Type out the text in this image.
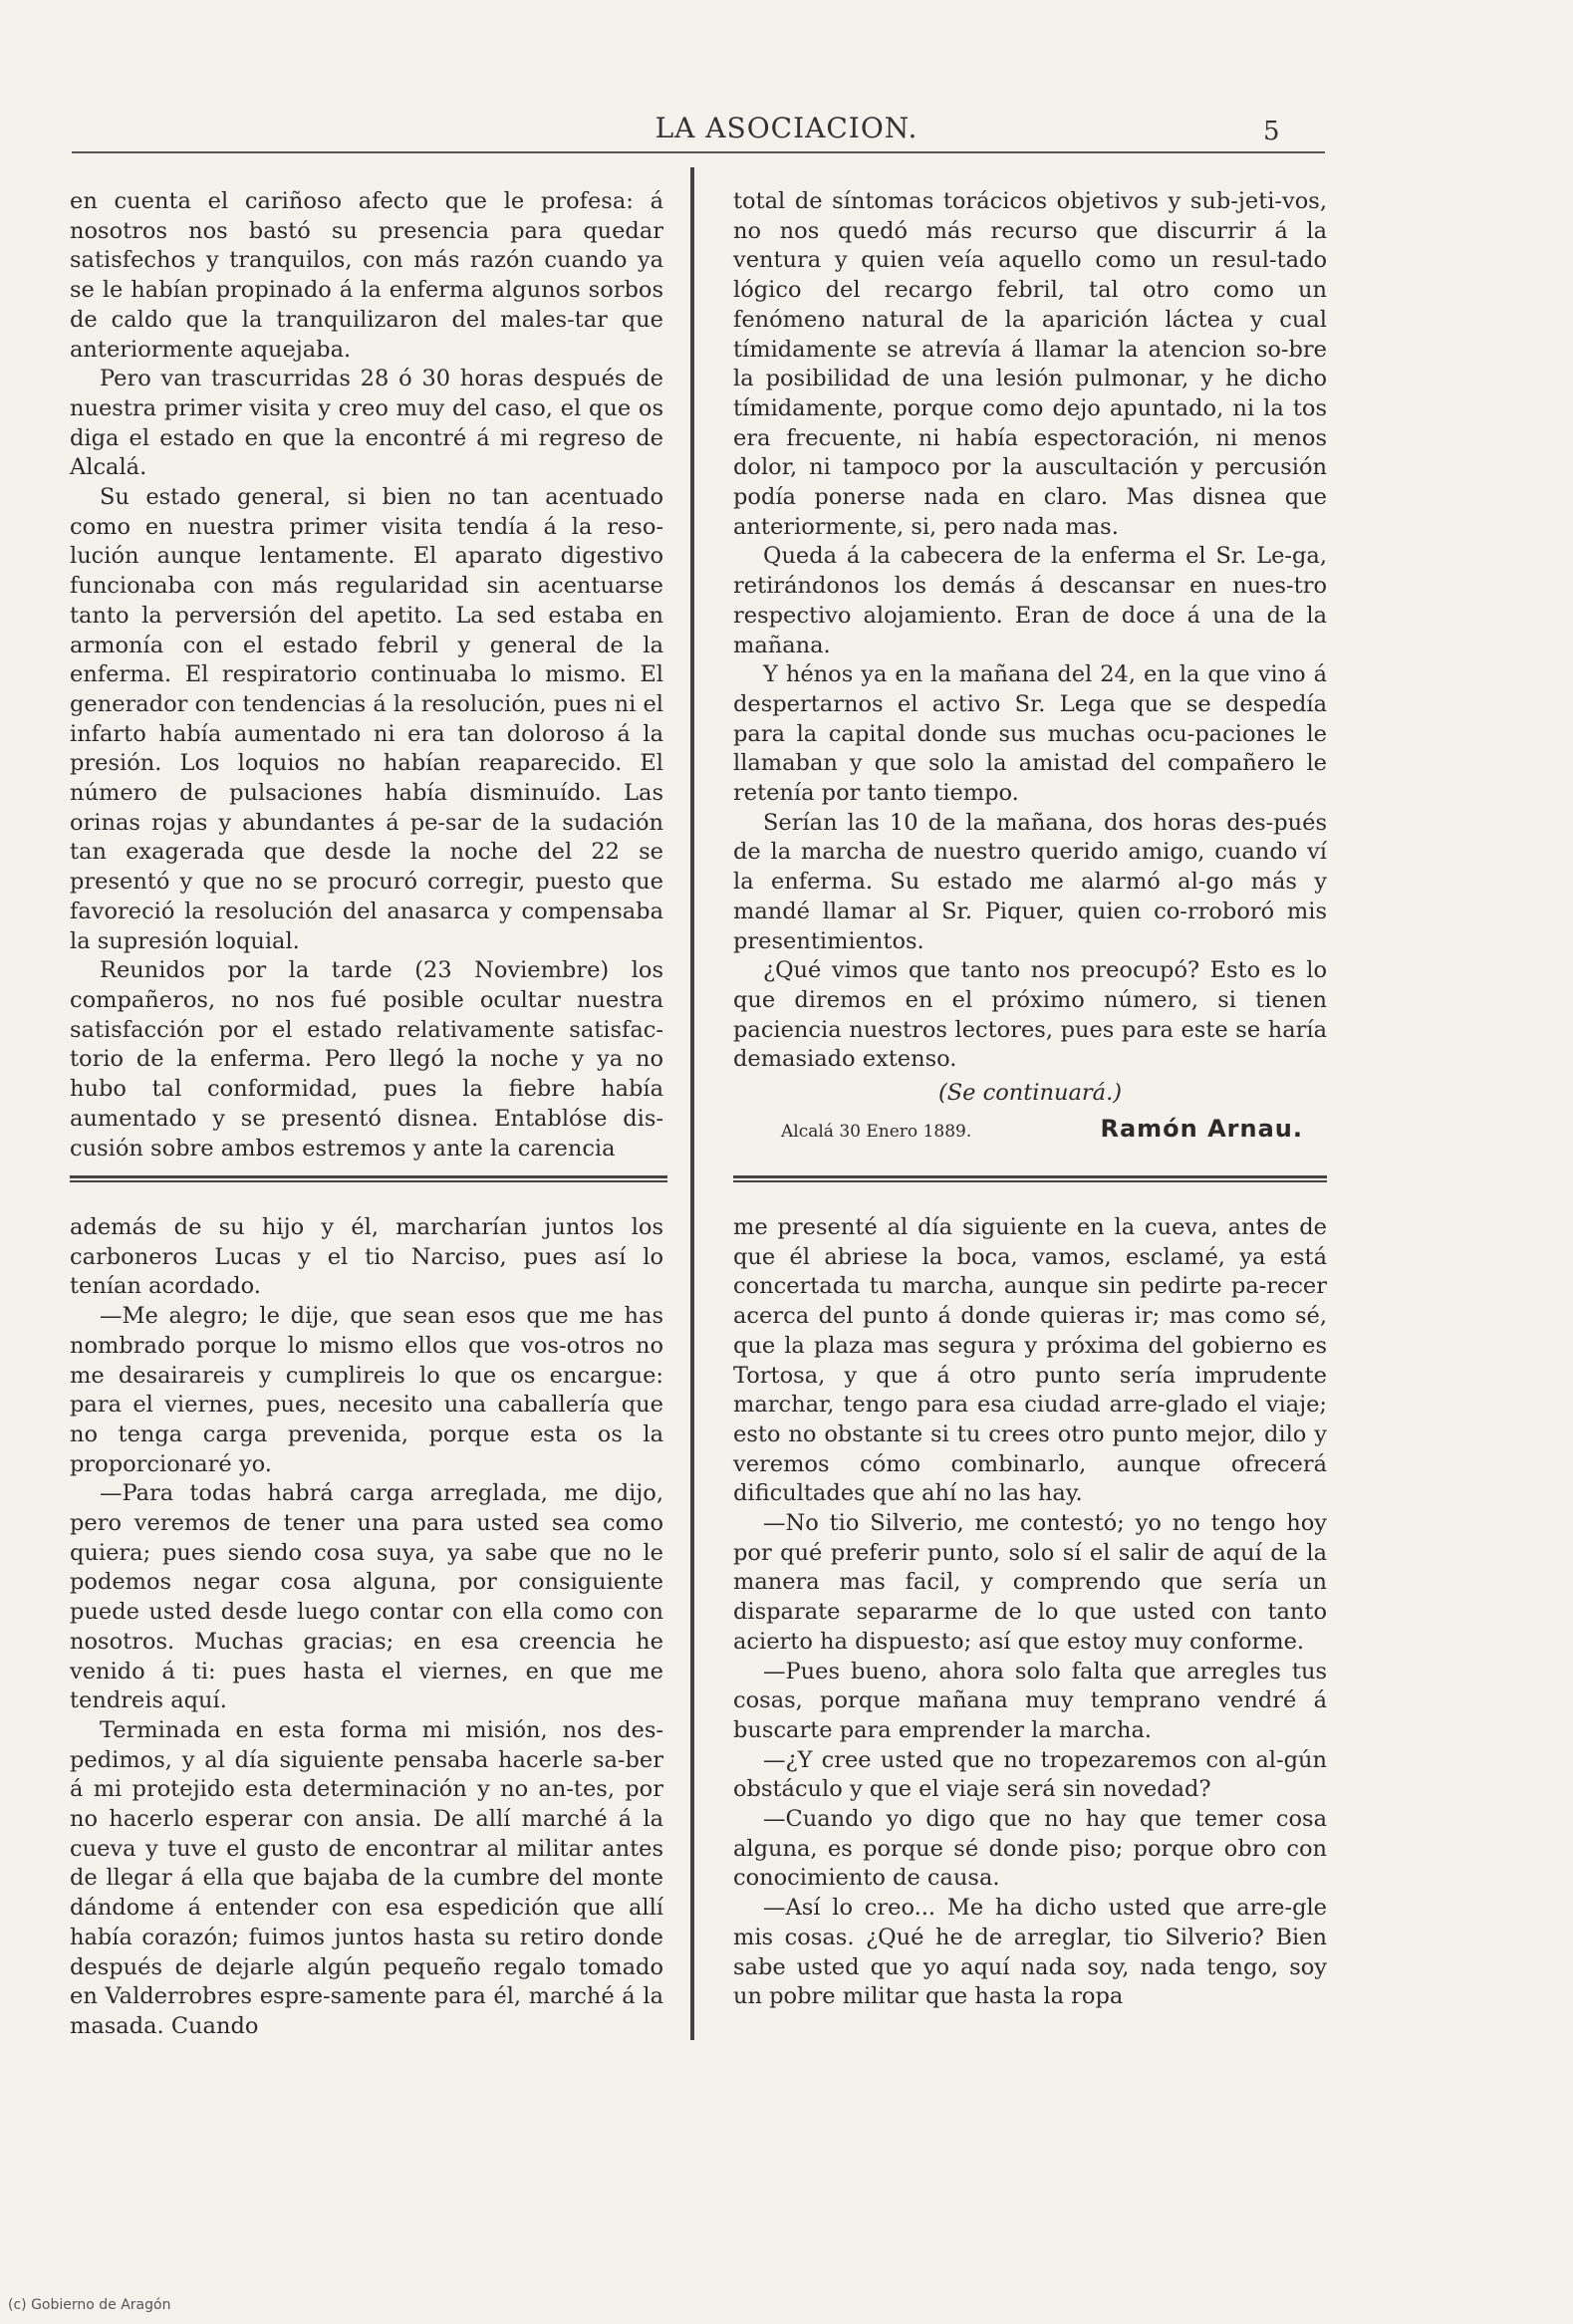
LA ASOCIACION.	5

en cuenta el cariñoso afecto que le profesa: á nosotros nos bastó su presencia para quedar satisfechos y tranquilos, con más razón cuando ya se le habían propinado á la enferma algunos sorbos de caldo que la tranquilizaron del males-tar que anteriormente aquejaba.

Pero van trascurridas 28 ó 30 horas después de nuestra primer visita y creo muy del caso, el que os diga el estado en que la encontré á mi regreso de Alcalá.

Su estado general, si bien no tan acentuado como en nuestra primer visita tendía á la reso-lución aunque lentamente. El aparato digestivo funcionaba con más regularidad sin acentuarse tanto la perversión del apetito. La sed estaba en armonía con el estado febril y general de la enferma. El respiratorio continuaba lo mismo. El generador con tendencias á la resolución, pues ni el infarto había aumentado ni era tan doloroso á la presión. Los loquios no habían reaparecido. El número de pulsaciones había disminuído. Las orinas rojas y abundantes á pe-sar de la sudación tan exagerada que desde la noche del 22 se presentó y que no se procuró corregir, puesto que favoreció la resolución del anasarca y compensaba la supresión loquial.

Reunidos por la tarde (23 Noviembre) los compañeros, no nos fué posible ocultar nuestra satisfacción por el estado relativamente satisfac-torio de la enferma. Pero llegó la noche y ya no hubo tal conformidad, pues la fiebre había aumentado y se presentó disnea. Entablóse dis-cusión sobre ambos estremos y ante la carencia

total de síntomas torácicos objetivos y sub-jeti-vos, no nos quedó más recurso que discurrir á la ventura y quien veía aquello como un resul-tado lógico del recargo febril, tal otro como un fenómeno natural de la aparición láctea y cual tímidamente se atrevía á llamar la atencion so-bre la posibilidad de una lesión pulmonar, y he dicho tímidamente, porque como dejo apuntado, ni la tos era frecuente, ni había espectoración, ni menos dolor, ni tampoco por la auscultación y percusión podía ponerse nada en claro. Mas disnea que anteriormente, si, pero nada mas.

Queda á la cabecera de la enferma el Sr. Le-ga, retirándonos los demás á descansar en nues-tro respectivo alojamiento. Eran de doce á una de la mañana.

Y hénos ya en la mañana del 24, en la que vino á despertarnos el activo Sr. Lega que se despedía para la capital donde sus muchas ocu-paciones le llamaban y que solo la amistad del compañero le retenía por tanto tiempo.

Serían las 10 de la mañana, dos horas des-pués de la marcha de nuestro querido amigo, cuando ví la enferma. Su estado me alarmó al-go más y mandé llamar al Sr. Piquer, quien co-rroboró mis presentimientos.

¿Qué vimos que tanto nos preocupó? Esto es lo que diremos en el próximo número, si tienen paciencia nuestros lectores, pues para este se haría demasiado extenso.

(Se continuará.)
Alcalá 30 Enero 1889.	Ramón Arnau.

además de su hijo y él, marcharían juntos los carboneros Lucas y el tio Narciso, pues así lo tenían acordado.

—Me alegro; le dije, que sean esos que me has nombrado porque lo mismo ellos que vos-otros no me desairareis y cumplireis lo que os encargue: para el viernes, pues, necesito una caballería que no tenga carga prevenida, porque esta os la proporcionaré yo.

—Para todas habrá carga arreglada, me dijo, pero veremos de tener una para usted sea como quiera; pues siendo cosa suya, ya sabe que no le podemos negar cosa alguna, por consiguiente puede usted desde luego contar con ella como con nosotros. Muchas gracias; en esa creencia he venido á ti: pues hasta el viernes, en que me tendreis aquí.

Terminada en esta forma mi misión, nos des-pedimos, y al día siguiente pensaba hacerle sa-ber á mi protejido esta determinación y no an-tes, por no hacerlo esperar con ansia. De allí marché á la cueva y tuve el gusto de encontrar al militar antes de llegar á ella que bajaba de la cumbre del monte dándome á entender con esa espedición que allí había corazón; fuimos juntos hasta su retiro donde después de dejarle algún pequeño regalo tomado en Valderrobres espre-samente para él, marché á la masada. Cuando

me presenté al día siguiente en la cueva, antes de que él abriese la boca, vamos, esclamé, ya está concertada tu marcha, aunque sin pedirte pa-recer acerca del punto á donde quieras ir; mas como sé, que la plaza mas segura y próxima del gobierno es Tortosa, y que á otro punto sería imprudente marchar, tengo para esa ciudad arre-glado el viaje; esto no obstante si tu crees otro punto mejor, dilo y veremos cómo combinarlo, aunque ofrecerá dificultades que ahí no las hay.

—No tio Silverio, me contestó; yo no tengo hoy por qué preferir punto, solo sí el salir de aquí de la manera mas facil, y comprendo que sería un disparate separarme de lo que usted con tanto acierto ha dispuesto; así que estoy muy conforme.

—Pues bueno, ahora solo falta que arregles tus cosas, porque mañana muy temprano vendré á buscarte para emprender la marcha.

—¿Y cree usted que no tropezaremos con al-gún obstáculo y que el viaje será sin novedad?

—Cuando yo digo que no hay que temer cosa alguna, es porque sé donde piso; porque obro con conocimiento de causa.

—Así lo creo... Me ha dicho usted que arre-gle mis cosas. ¿Qué he de arreglar, tio Silverio? Bien sabe usted que yo aquí nada soy, nada tengo, soy un pobre militar que hasta la ropa

(c) Gobierno de Aragón
